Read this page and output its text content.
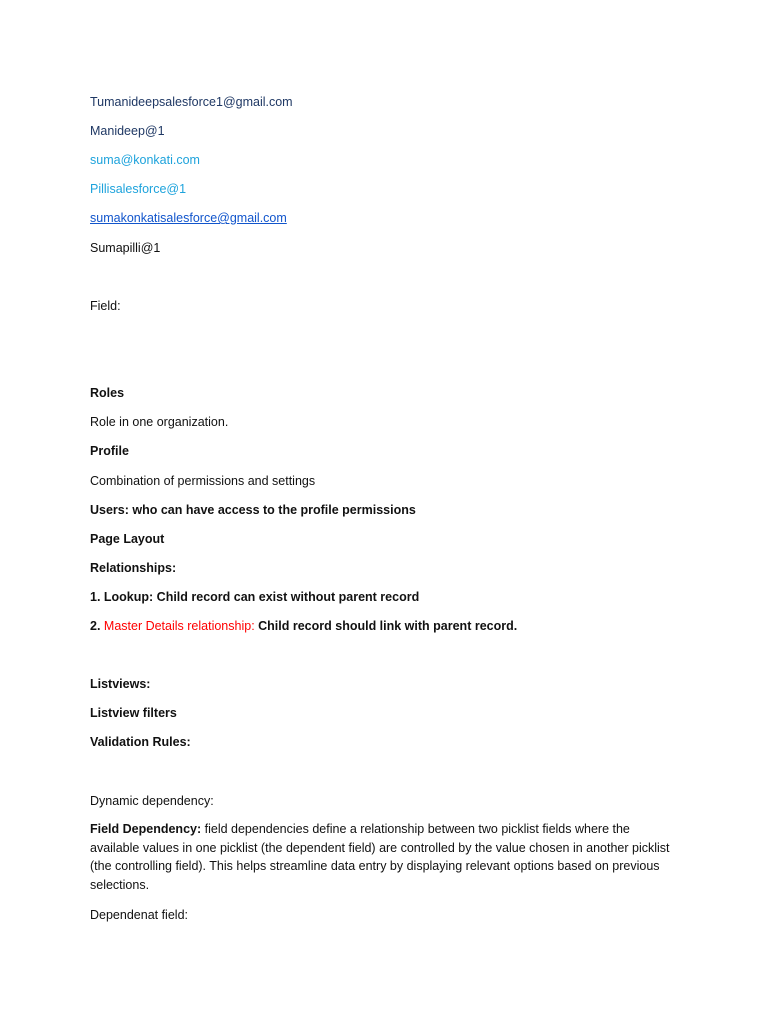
Tumanideepsalesforce1@gmail.com
Manideep@1
suma@konkati.com
Pillisalesforce@1
sumakonkatisalesforce@gmail.com
Sumapilli@1
Field:
Roles
Role in one organization.
Profile
Combination of permissions and settings
Users: who can have access to the profile permissions
Page Layout
Relationships:
1. Lookup: Child record can exist without parent record
2. Master Details relationship: Child record should link with parent record.
Listviews:
Listview filters
Validation Rules:
Dynamic dependency:
Field Dependency: field dependencies define a relationship between two picklist fields where the available values in one picklist (the dependent field) are controlled by the value chosen in another picklist (the controlling field). This helps streamline data entry by displaying relevant options based on previous selections.
Dependenat field:
